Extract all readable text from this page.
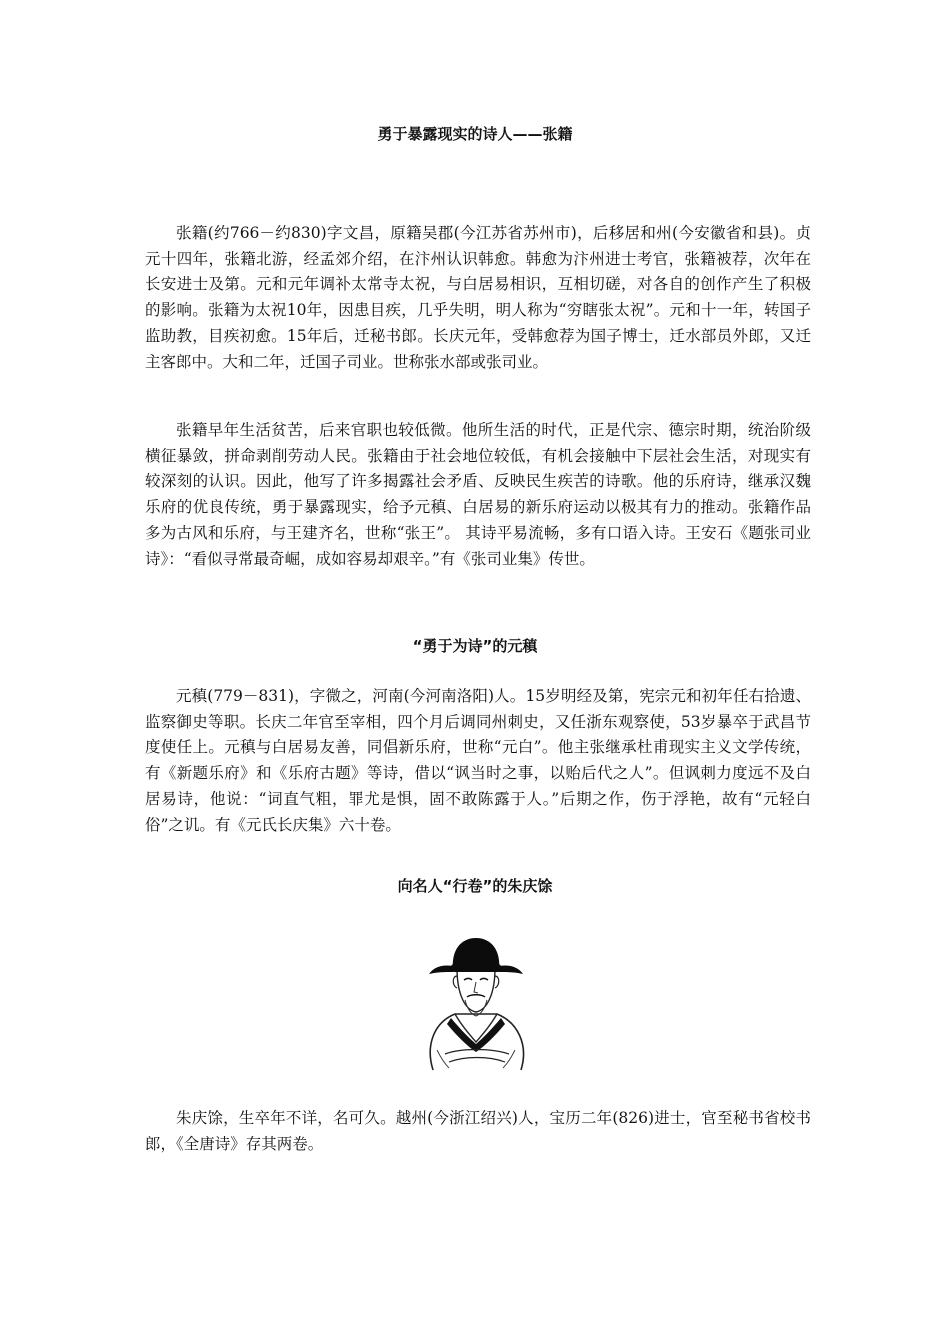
勇于暴露现实的诗人——张籍

张籍(约766－约830)字文昌，原籍吴郡(今江苏省苏州市)，后移居和州(今安徽省和县)。贞元十四年，张籍北游，经孟郊介绍，在汴州认识韩愈。韩愈为汴州进士考官，张籍被荐，次年在长安进士及第。元和元年调补太常寺太祝，与白居易相识，互相切磋，对各自的创作产生了积极的影响。张籍为太祝10年，因患目疾，几乎失明，明人称为“穷瞎张太祝”。元和十一年，转国子监助教，目疾初愈。15年后，迁秘书郎。长庆元年，受韩愈荐为国子博士，迁水部员外郎，又迁主客郎中。大和二年，迁国子司业。世称张水部或张司业。

张籍早年生活贫苦，后来官职也较低微。他所生活的时代，正是代宗、德宗时期，统治阶级横征暴敛，拼命剥削劳动人民。张籍由于社会地位较低，有机会接触中下层社会生活，对现实有较深刻的认识。因此，他写了许多揭露社会矛盾、反映民生疾苦的诗歌。他的乐府诗，继承汉魏乐府的优良传统，勇于暴露现实，给予元稹、白居易的新乐府运动以极其有力的推动。张籍作品多为古风和乐府，与王建齐名，世称“张王”。 其诗平易流畅，多有口语入诗。王安石《题张司业诗》：“看似寻常最奇崛，成如容易却艰辛。”有《张司业集》传世。

“勇于为诗”的元稹

元稹(779－831)，字微之，河南(今河南洛阳)人。15岁明经及第，宪宗元和初年任右拾遗、监察御史等职。长庆二年官至宰相，四个月后调同州刺史，又任浙东观察使，53岁暴卒于武昌节度使任上。元稹与白居易友善，同倡新乐府，世称“元白”。他主张继承杜甫现实主义文学传统，有《新题乐府》和《乐府古题》等诗，借以“讽当时之事，以贻后代之人”。但讽刺力度远不及白居易诗，他说：“词直气粗，罪尤是惧，固不敢陈露于人。”后期之作，伤于浮艳，故有“元轻白俗”之讥。有《元氏长庆集》六十卷。

向名人“行卷”的朱庆馀

朱庆馀，生卒年不详，名可久。越州(今浙江绍兴)人，宝历二年(826)进士，官至秘书省校书郎，《全唐诗》存其两卷。
